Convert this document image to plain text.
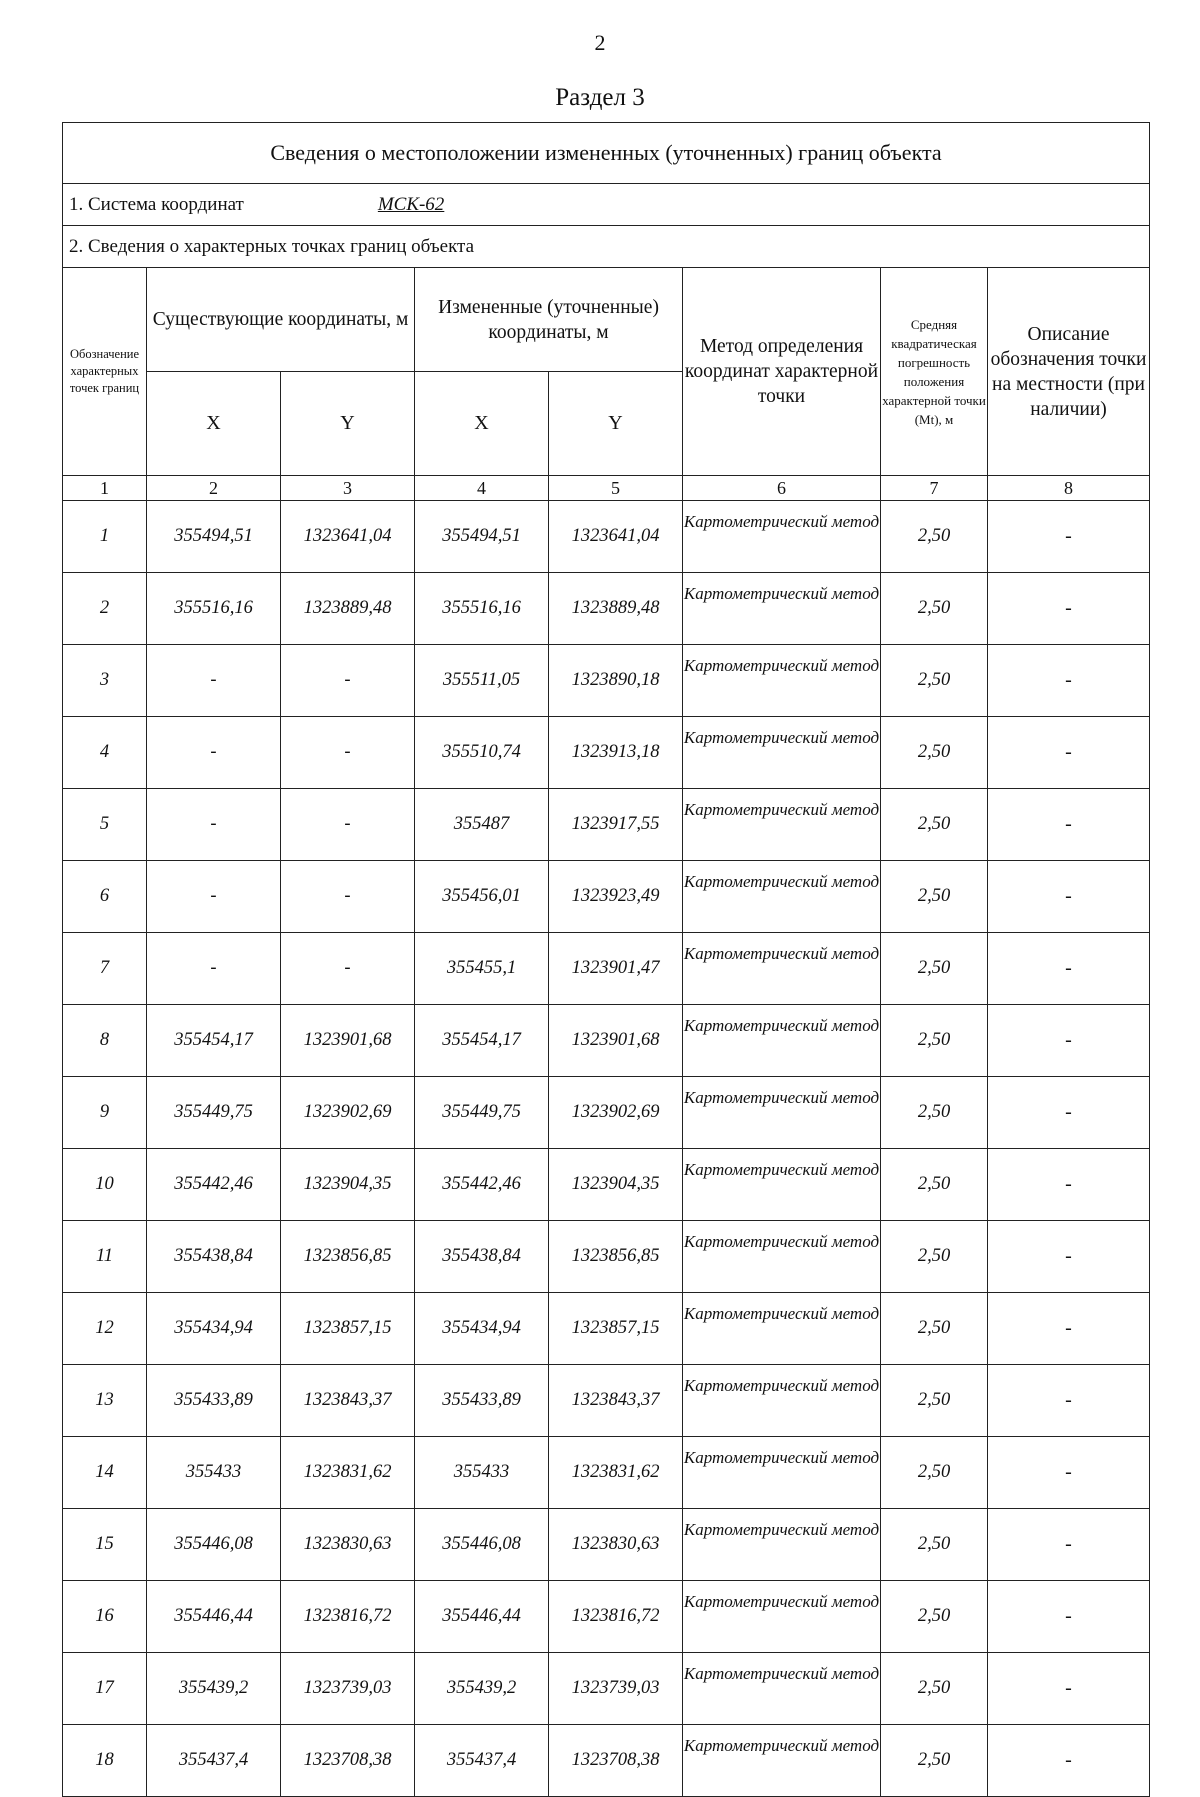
2
Раздел 3
Сведения о местоположении измененных (уточненных) границ объекта							
1. Система координат МСК-62							
2. Сведения о характерных точках границ объекта							
Обозначение характерных точек границ	Существующие координаты, м		Измененные (уточненные) координаты, м		Метод определения координат характерной точки	Средняя квадратическая погрешность положения характерной точки (Mt), м	Описание обозначения точки на местности (при наличии)
	X	Y	X	Y			
1	2	3	4	5	6	7	8
1	355494,51	1323641,04	355494,51	1323641,04	Картометрический метод	2,50	-
2	355516,16	1323889,48	355516,16	1323889,48	Картометрический метод	2,50	-
3	-	-	355511,05	1323890,18	Картометрический метод	2,50	-
4	-	-	355510,74	1323913,18	Картометрический метод	2,50	-
5	-	-	355487	1323917,55	Картометрический метод	2,50	-
6	-	-	355456,01	1323923,49	Картометрический метод	2,50	-
7	-	-	355455,1	1323901,47	Картометрический метод	2,50	-
8	355454,17	1323901,68	355454,17	1323901,68	Картометрический метод	2,50	-
9	355449,75	1323902,69	355449,75	1323902,69	Картометрический метод	2,50	-
10	355442,46	1323904,35	355442,46	1323904,35	Картометрический метод	2,50	-
11	355438,84	1323856,85	355438,84	1323856,85	Картометрический метод	2,50	-
12	355434,94	1323857,15	355434,94	1323857,15	Картометрический метод	2,50	-
13	355433,89	1323843,37	355433,89	1323843,37	Картометрический метод	2,50	-
14	355433	1323831,62	355433	1323831,62	Картометрический метод	2,50	-
15	355446,08	1323830,63	355446,08	1323830,63	Картометрический метод	2,50	-
16	355446,44	1323816,72	355446,44	1323816,72	Картометрический метод	2,50	-
17	355439,2	1323739,03	355439,2	1323739,03	Картометрический метод	2,50	-
18	355437,4	1323708,38	355437,4	1323708,38	Картометрический метод	2,50	-
